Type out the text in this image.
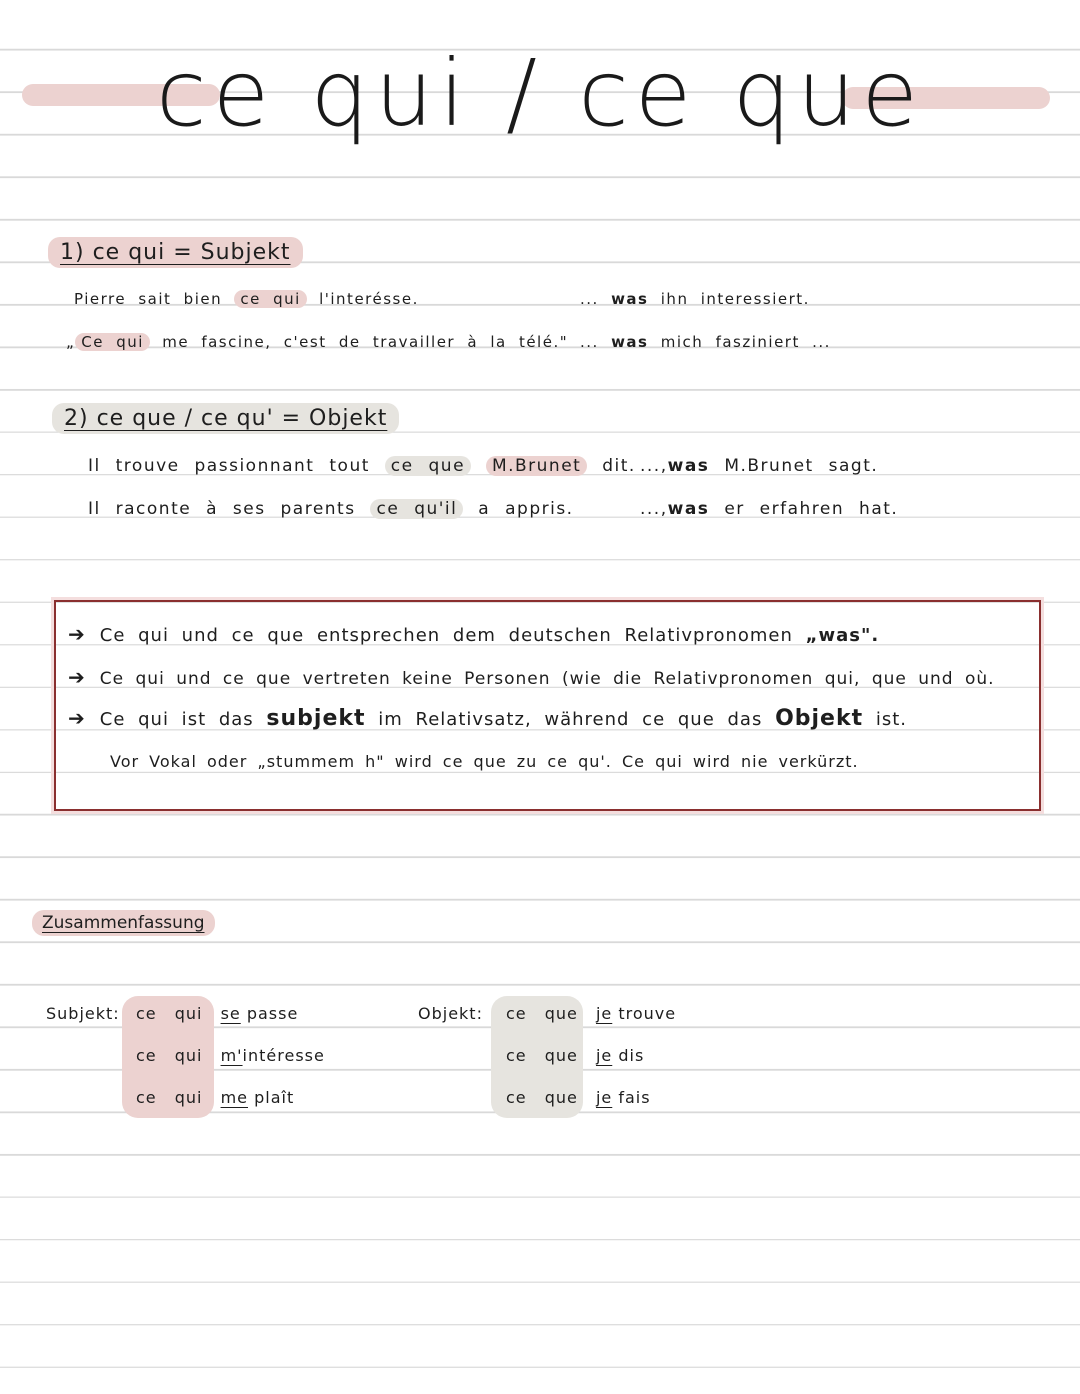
ce qui / ce que
1) ce qui = Subjekt
Pierre sait bien ce qui l'interésse.	... was ihn interessiert.
„ Ce qui me fascine, c'est de travailler à la télé." ... was mich fasziniert ...
2) ce que / ce qu' = Objekt
Il trouve passionnant tout ce que M.Brunet dit. ...,was M.Brunet sagt.
Il raconte à ses parents ce qu'il a appris.	...,was er erfahren hat.
➔ Ce qui und ce que entsprechen dem deutschen Relativpronomen „was".
➔ Ce qui und ce que vertreten keine Personen (wie die Relativpronomen qui, que und où.
➔ Ce qui ist das subjekt im Relativsatz, während ce que das Objekt ist.
Vor Vokal oder „stummem h" wird ce que zu ce qu'. Ce qui wird nie verkürzt.
Zusammenfassung
Subjekt: ce qui se passe
ce qui m'intéresse
ce qui me plaît
Objekt: ce que je trouve
ce que je dis
ce que je fais
